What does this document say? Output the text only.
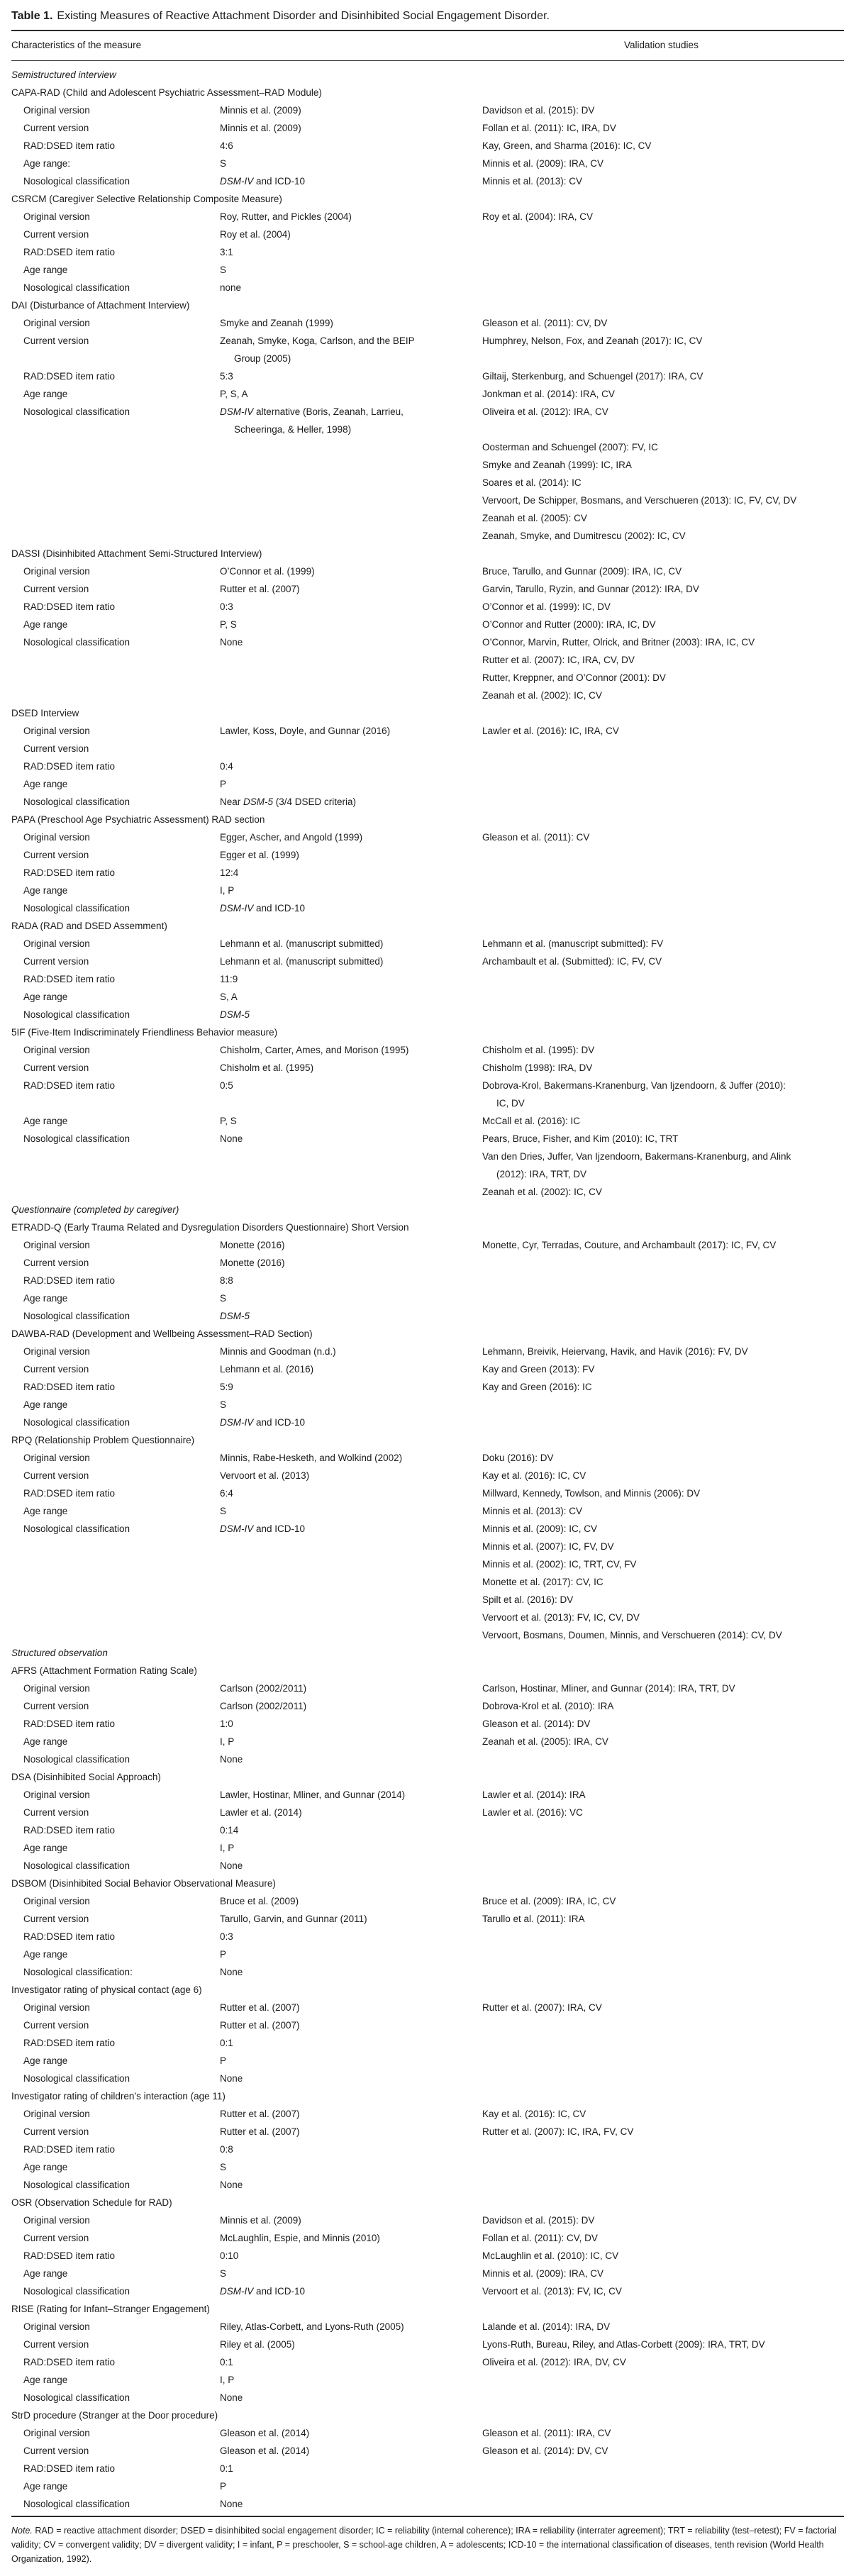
Table 1. Existing Measures of Reactive Attachment Disorder and Disinhibited Social Engagement Disorder.

Characteristics of the measure	Validation studies
Semistructured interview
CAPA-RAD (Child and Adolescent Psychiatric Assessment–RAD Module)
Original version	Minnis et al. (2009)	Davidson et al. (2015): DV
Current version	Minnis et al. (2009)	Follan et al. (2011): IC, IRA, DV
RAD:DSED item ratio	4:6	Kay, Green, and Sharma (2016): IC, CV
Age range:	S	Minnis et al. (2009): IRA, CV
Nosological classification	DSM-IV and ICD-10	Minnis et al. (2013): CV
CSRCM (Caregiver Selective Relationship Composite Measure)
Original version	Roy, Rutter, and Pickles (2004)	Roy et al. (2004): IRA, CV
Current version	Roy et al. (2004)
RAD:DSED item ratio	3:1
Age range	S
Nosological classification	none
DAI (Disturbance of Attachment Interview)
Original version	Smyke and Zeanah (1999)	Gleason et al. (2011): CV, DV
Current version	Zeanah, Smyke, Koga, Carlson, and the BEIP	Humphrey, Nelson, Fox, and Zeanah (2017): IC, CV
Group (2005)
RAD:DSED item ratio	5:3	Giltaij, Sterkenburg, and Schuengel (2017): IRA, CV
Age range	P, S, A	Jonkman et al. (2014): IRA, CV
Nosological classification	DSM-IV alternative (Boris, Zeanah, Larrieu,	Oliveira et al. (2012): IRA, CV
Scheeringa, & Heller, 1998)
Oosterman and Schuengel (2007): FV, IC
Smyke and Zeanah (1999): IC, IRA
Soares et al. (2014): IC
Vervoort, De Schipper, Bosmans, and Verschueren (2013): IC, FV, CV, DV
Zeanah et al. (2005): CV
Zeanah, Smyke, and Dumitrescu (2002): IC, CV
DASSI (Disinhibited Attachment Semi-Structured Interview)
Original version	O’Connor et al. (1999)	Bruce, Tarullo, and Gunnar (2009): IRA, IC, CV
Current version	Rutter et al. (2007)	Garvin, Tarullo, Ryzin, and Gunnar (2012): IRA, DV
RAD:DSED item ratio	0:3	O’Connor et al. (1999): IC, DV
Age range	P, S	O’Connor and Rutter (2000): IRA, IC, DV
Nosological classification	None	O’Connor, Marvin, Rutter, Olrick, and Britner (2003): IRA, IC, CV
Rutter et al. (2007): IC, IRA, CV, DV
Rutter, Kreppner, and O’Connor (2001): DV
Zeanah et al. (2002): IC, CV
DSED Interview
Original version	Lawler, Koss, Doyle, and Gunnar (2016)	Lawler et al. (2016): IC, IRA, CV
Current version
RAD:DSED item ratio	0:4
Age range	P
Nosological classification	Near DSM-5 (3/4 DSED criteria)
PAPA (Preschool Age Psychiatric Assessment) RAD section
Original version	Egger, Ascher, and Angold (1999)	Gleason et al. (2011): CV
Current version	Egger et al. (1999)
RAD:DSED item ratio	12:4
Age range	I, P
Nosological classification	DSM-IV and ICD-10
RADA (RAD and DSED Assemment)
Original version	Lehmann et al. (manuscript submitted)	Lehmann et al. (manuscript submitted): FV
Current version	Lehmann et al. (manuscript submitted)	Archambault et al. (Submitted): IC, FV, CV
RAD:DSED item ratio	11:9
Age range	S, A
Nosological classification	DSM-5
5IF (Five-Item Indiscriminately Friendliness Behavior measure)
Original version	Chisholm, Carter, Ames, and Morison (1995)	Chisholm et al. (1995): DV
Current version	Chisholm et al. (1995)	Chisholm (1998): IRA, DV
RAD:DSED item ratio	0:5	Dobrova-Krol, Bakermans-Kranenburg, Van Ijzendoorn, & Juffer (2010):
IC, DV
Age range	P, S	McCall et al. (2016): IC
Nosological classification	None	Pears, Bruce, Fisher, and Kim (2010): IC, TRT
Van den Dries, Juffer, Van Ijzendoorn, Bakermans-Kranenburg, and Alink
(2012): IRA, TRT, DV
Zeanah et al. (2002): IC, CV
Questionnaire (completed by caregiver)
ETRADD-Q (Early Trauma Related and Dysregulation Disorders Questionnaire) Short Version
Original version	Monette (2016)	Monette, Cyr, Terradas, Couture, and Archambault (2017): IC, FV, CV
Current version	Monette (2016)
RAD:DSED item ratio	8:8
Age range	S
Nosological classification	DSM-5
DAWBA-RAD (Development and Wellbeing Assessment–RAD Section)
Original version	Minnis and Goodman (n.d.)	Lehmann, Breivik, Heiervang, Havik, and Havik (2016): FV, DV
Current version	Lehmann et al. (2016)	Kay and Green (2013): FV
RAD:DSED item ratio	5:9	Kay and Green (2016): IC
Age range	S
Nosological classification	DSM-IV and ICD-10
RPQ (Relationship Problem Questionnaire)
Original version	Minnis, Rabe-Hesketh, and Wolkind (2002)	Doku (2016): DV
Current version	Vervoort et al. (2013)	Kay et al. (2016): IC, CV
RAD:DSED item ratio	6:4	Millward, Kennedy, Towlson, and Minnis (2006): DV
Age range	S	Minnis et al. (2013): CV
Nosological classification	DSM-IV and ICD-10	Minnis et al. (2009): IC, CV
Minnis et al. (2007): IC, FV, DV
Minnis et al. (2002): IC, TRT, CV, FV
Monette et al. (2017): CV, IC
Spilt et al. (2016): DV
Vervoort et al. (2013): FV, IC, CV, DV
Vervoort, Bosmans, Doumen, Minnis, and Verschueren (2014): CV, DV
Structured observation
AFRS (Attachment Formation Rating Scale)
Original version	Carlson (2002/2011)	Carlson, Hostinar, Mliner, and Gunnar (2014): IRA, TRT, DV
Current version	Carlson (2002/2011)	Dobrova-Krol et al. (2010): IRA
RAD:DSED item ratio	1:0	Gleason et al. (2014): DV
Age range	I, P	Zeanah et al. (2005): IRA, CV
Nosological classification	None
DSA (Disinhibited Social Approach)
Original version	Lawler, Hostinar, Mliner, and Gunnar (2014)	Lawler et al. (2014): IRA
Current version	Lawler et al. (2014)	Lawler et al. (2016): VC
RAD:DSED item ratio	0:14
Age range	I, P
Nosological classification	None
DSBOM (Disinhibited Social Behavior Observational Measure)
Original version	Bruce et al. (2009)	Bruce et al. (2009): IRA, IC, CV
Current version	Tarullo, Garvin, and Gunnar (2011)	Tarullo et al. (2011): IRA
RAD:DSED item ratio	0:3
Age range	P
Nosological classification:	None
Investigator rating of physical contact (age 6)
Original version	Rutter et al. (2007)	Rutter et al. (2007): IRA, CV
Current version	Rutter et al. (2007)
RAD:DSED item ratio	0:1
Age range	P
Nosological classification	None
Investigator rating of children’s interaction (age 11)
Original version	Rutter et al. (2007)	Kay et al. (2016): IC, CV
Current version	Rutter et al. (2007)	Rutter et al. (2007): IC, IRA, FV, CV
RAD:DSED item ratio	0:8
Age range	S
Nosological classification	None
OSR (Observation Schedule for RAD)
Original version	Minnis et al. (2009)	Davidson et al. (2015): DV
Current version	McLaughlin, Espie, and Minnis (2010)	Follan et al. (2011): CV, DV
RAD:DSED item ratio	0:10	McLaughlin et al. (2010): IC, CV
Age range	S	Minnis et al. (2009): IRA, CV
Nosological classification	DSM-IV and ICD-10	Vervoort et al. (2013): FV, IC, CV
RISE (Rating for Infant–Stranger Engagement)
Original version	Riley, Atlas-Corbett, and Lyons-Ruth (2005)	Lalande et al. (2014): IRA, DV
Current version	Riley et al. (2005)	Lyons-Ruth, Bureau, Riley, and Atlas-Corbett (2009): IRA, TRT, DV
RAD:DSED item ratio	0:1	Oliveira et al. (2012): IRA, DV, CV
Age range	I, P
Nosological classification	None
StrD procedure (Stranger at the Door procedure)
Original version	Gleason et al. (2014)	Gleason et al. (2011): IRA, CV
Current version	Gleason et al. (2014)	Gleason et al. (2014): DV, CV
RAD:DSED item ratio	0:1
Age range	P
Nosological classification	None

Note. RAD = reactive attachment disorder; DSED = disinhibited social engagement disorder; IC = reliability (internal coherence); IRA = reliability (interrater agreement); TRT = reliability (test–retest); FV = factorial validity; CV = convergent validity; DV = divergent validity; I = infant, P = preschooler, S = school-age children, A = adolescents; ICD-10 = the international classification of diseases, tenth revision (World Health Organization, 1992).
